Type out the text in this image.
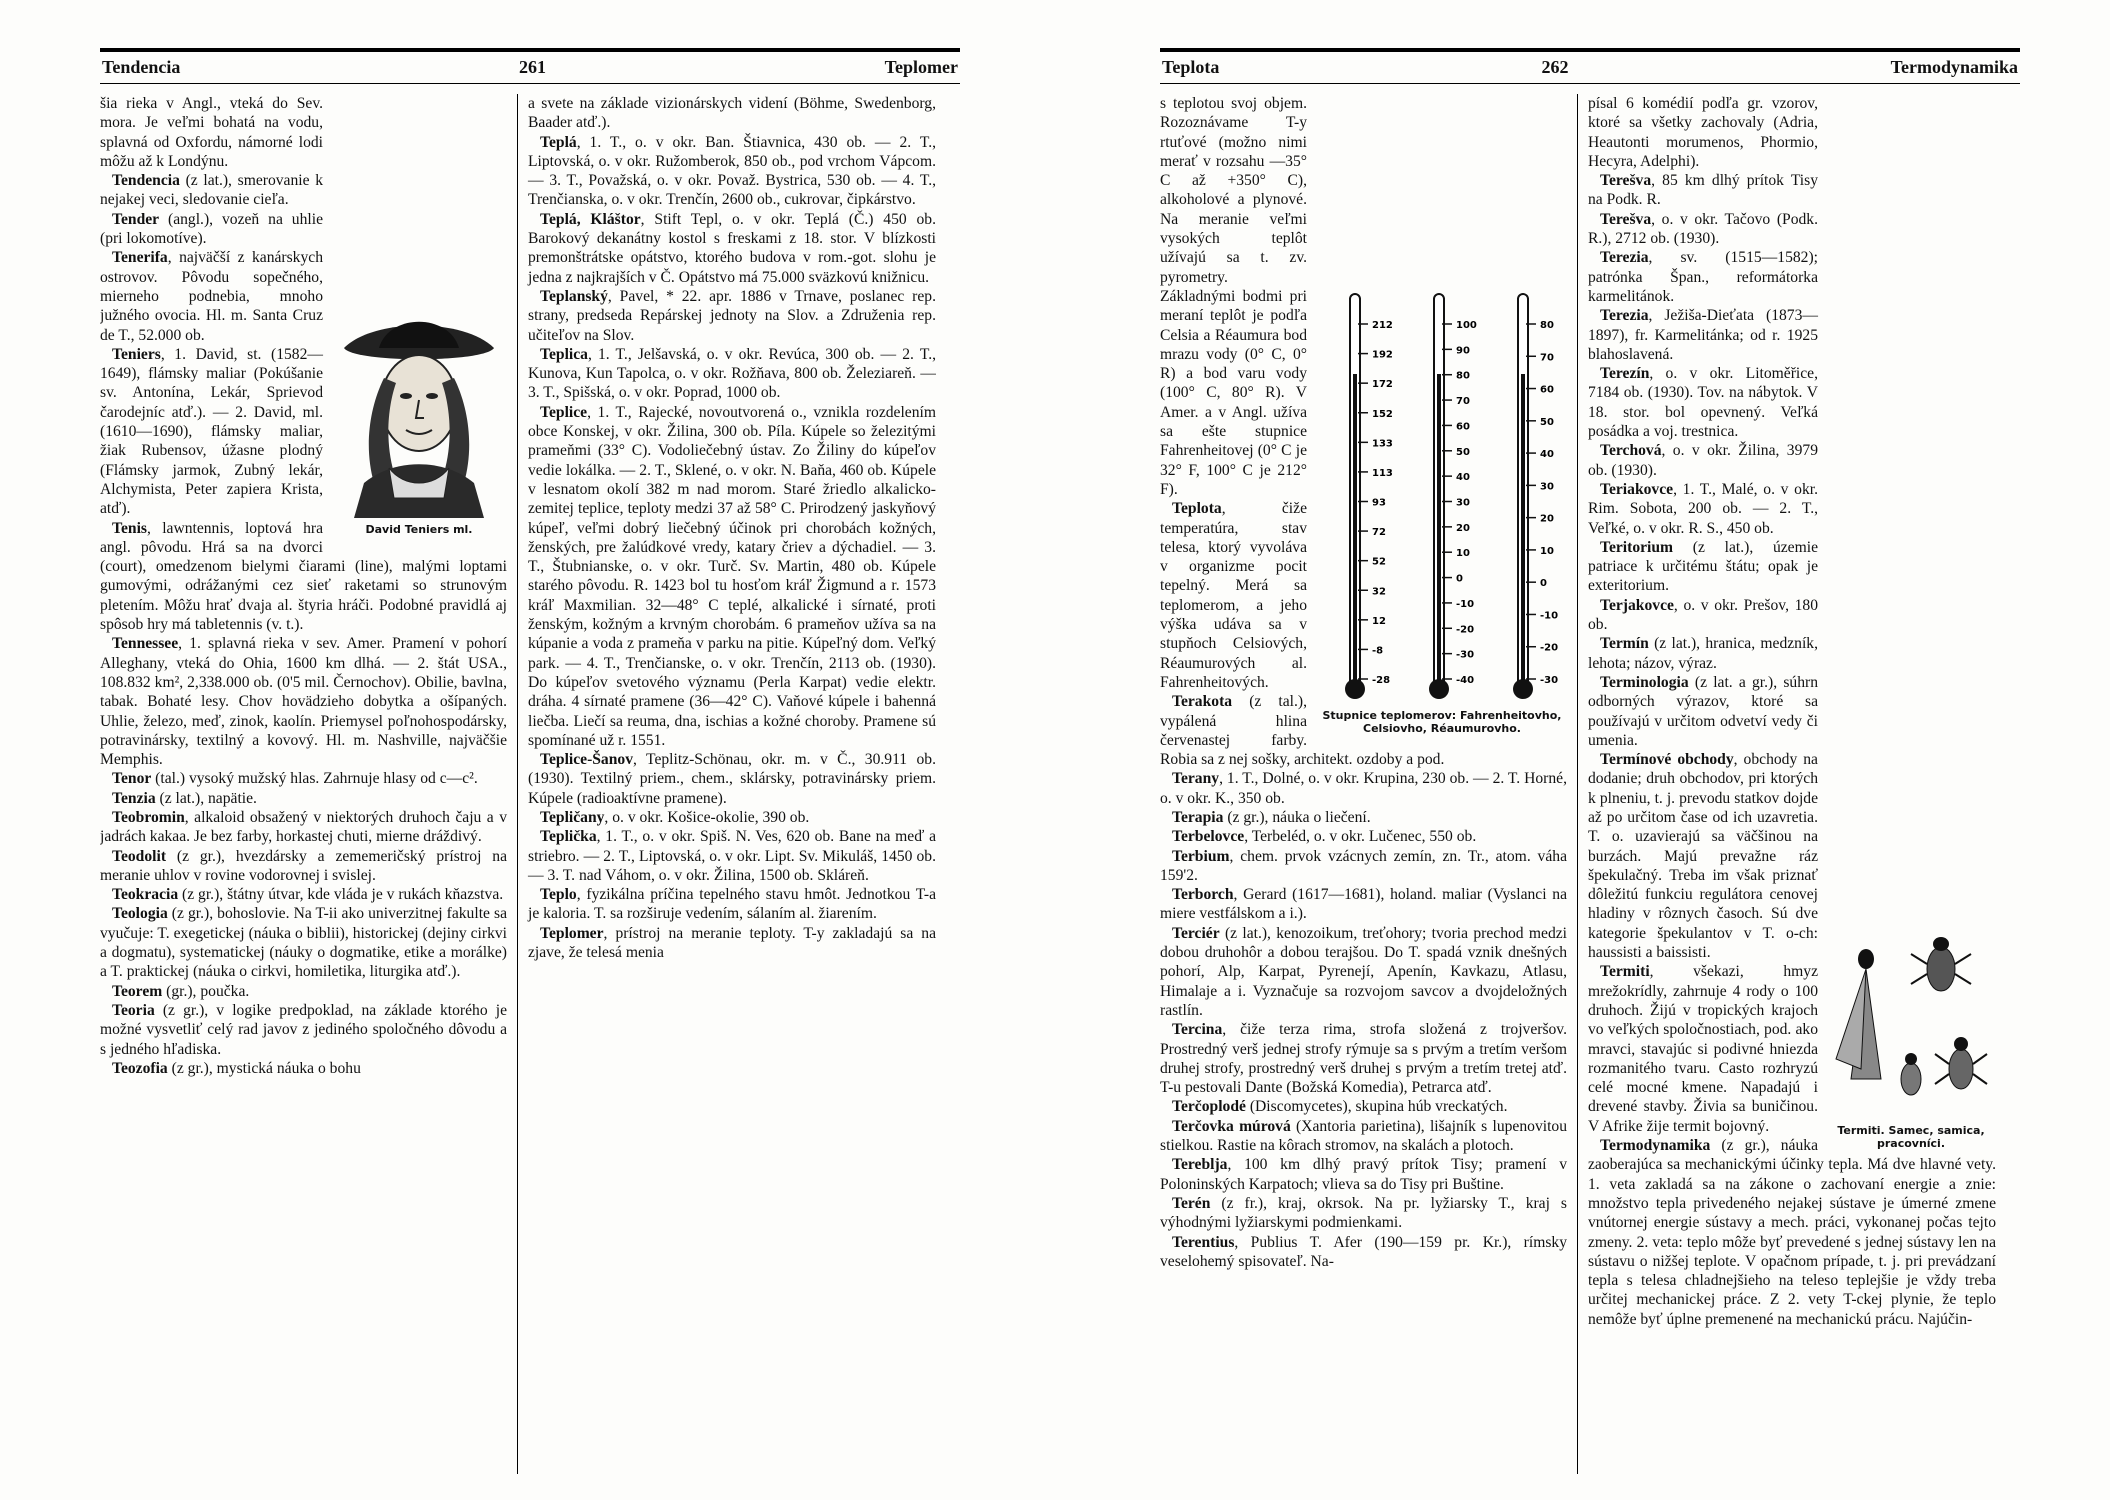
Tendencia	261	Teplomer
David Teniers ml.

šia rieka v Angl., vteká do Sev. mora. Je veľmi bohatá na vodu, splavná od Oxfordu, námorné lodi môžu až k Londýnu.

Tendencia (z lat.), smerovanie k nejakej veci, sledovanie cieľa.

Tender (angl.), vozeň na uhlie (pri lokomotíve).

Tenerifa, najväčší z kanárskych ostrovov. Pôvodu sopečného, mierneho podnebia, mnoho južného ovocia. Hl. m. Santa Cruz de T., 52.000 ob.

Teniers, 1. David, st. (1582—1649), flámsky maliar (Pokúšanie sv. Antonína, Lekár, Sprievod čarodejníc atď.). — 2. David, ml. (1610—1690), flámsky maliar, žiak Rubensov, úžasne plodný (Flámsky jarmok, Zubný lekár, Alchymista, Peter zapiera Krista, atď).

Tenis, lawntennis, loptová hra angl. pôvodu. Hrá sa na dvorci (court), omedzenom bielymi čiarami (line), malými loptami gumovými, odrážanými cez sieť raketami so strunovým pletením. Môžu hrať dvaja al. štyria hráči. Podobné pravidlá aj spôsob hry má tabletennis (v. t.).

Tennessee, 1. splavná rieka v sev. Amer. Pramení v pohorí Alleghany, vteká do Ohia, 1600 km dlhá. — 2. štát USA., 108.832 km², 2,338.000 ob. (0'5 mil. Černochov). Obilie, bavlna, tabak. Bohaté lesy. Chov hovädzieho dobytka a ošípaných. Uhlie, železo, meď, zinok, kaolín. Priemysel poľnohospodársky, potravinársky, textilný a kovový. Hl. m. Nashville, najväčšie Memphis.

Tenor (tal.) vysoký mužský hlas. Zahrnuje hlasy od c—c².

Tenzia (z lat.), napätie.

Teobromin, alkaloid obsažený v niektorých druhoch čaju a v jadrách kakaa. Je bez farby, horkastej chuti, mierne dráždivý.

Teodolit (z gr.), hvezdársky a zememeričský prístroj na meranie uhlov v rovine vodorovnej i svislej.

Teokracia (z gr.), štátny útvar, kde vláda je v rukách kňazstva.

Teologia (z gr.), bohoslovie. Na T-ii ako univerzitnej fakulte sa vyučuje: T. exegetickej (náuka o biblii), historickej (dejiny cirkvi a dogmatu), systematickej (náuky o dogmatike, etike a morálke) a T. praktickej (náuka o cirkvi, homiletika, liturgika atď.).

Teorem (gr.), poučka.

Teoria (z gr.), v logike predpoklad, na základe ktorého je možné vysvetliť celý rad javov z jediného spoločného dôvodu a s jedného hľadiska.

Teozofia (z gr.), mystická náuka o bohu

a svete na základe vizionárskych videní (Böhme, Swedenborg, Baader atď.).

Teplá, 1. T., o. v okr. Ban. Štiavnica, 430 ob. — 2. T., Liptovská, o. v okr. Ružomberok, 850 ob., pod vrchom Vápcom. — 3. T., Považská, o. v okr. Považ. Bystrica, 530 ob. — 4. T., Trenčianska, o. v okr. Trenčín, 2600 ob., cukrovar, čipkárstvo.

Teplá, Kláštor, Stift Tepl, o. v okr. Teplá (Č.) 450 ob. Barokový dekanátny kostol s freskami z 18. stor. V blízkosti premonštrátske opátstvo, ktorého budova v rom.-got. slohu je jedna z najkrajších v Č. Opátstvo má 75.000 sväzkovú knižnicu.

Teplanský, Pavel, * 22. apr. 1886 v Trnave, poslanec rep. strany, predseda Repárskej jednoty na Slov. a Združenia rep. učiteľov na Slov.

Teplica, 1. T., Jelšavská, o. v okr. Revúca, 300 ob. — 2. T., Kunova, Kun Tapolca, o. v okr. Rožňava, 800 ob. Železiareň. — 3. T., Spišská, o. v okr. Poprad, 1000 ob.

Teplice, 1. T., Rajecké, novoutvorená o., vznikla rozdelením obce Konskej, v okr. Žilina, 300 ob. Píla. Kúpele so železitými prameňmi (33° C). Vodoliečebný ústav. Zo Žiliny do kúpeľov vedie lokálka. — 2. T., Sklené, o. v okr. N. Baňa, 460 ob. Kúpele v lesnatom okolí 382 m nad morom. Staré žriedlo alkalicko-zemitej teplice, teploty medzi 37 až 58° C. Prirodzený jaskyňový kúpeľ, veľmi dobrý liečebný účinok pri chorobách kožných, ženských, pre žalúdkové vredy, katary čriev a dýchadiel. — 3. T., Štubnianske, o. v okr. Turč. Sv. Martin, 480 ob. Kúpele starého pôvodu. R. 1423 bol tu hosťom kráľ Žigmund a r. 1573 kráľ Maxmilian. 32—48° C teplé, alkalické i sírnaté, proti ženským, kožným a krvným chorobám. 6 prameňov užíva sa na kúpanie a voda z prameňa v parku na pitie. Kúpeľný dom. Veľký park. — 4. T., Trenčianske, o. v okr. Trenčín, 2113 ob. (1930). Do kúpeľov svetového významu (Perla Karpat) vedie elektr. dráha. 4 sírnaté pramene (36—42° C). Vaňové kúpele i bahenná liečba. Liečí sa reuma, dna, ischias a kožné choroby. Pramene sú spomínané už r. 1551.

Teplice-Šanov, Teplitz-Schönau, okr. m. v Č., 30.911 ob. (1930). Textilný priem., chem., sklársky, potravinársky priem. Kúpele (radioaktívne pramene).

Tepličany, o. v okr. Košice-okolie, 390 ob.

Teplička, 1. T., o. v okr. Spiš. N. Ves, 620 ob. Bane na meď a striebro. — 2. T., Liptovská, o. v okr. Lipt. Sv. Mikuláš, 1450 ob. — 3. T. nad Váhom, o. v okr. Žilina, 1500 ob. Skláreň.

Teplo, fyzikálna príčina tepelného stavu hmôt. Jednotkou T-a je kaloria. T. sa rozširuje vedením, sálaním al. žiarením.

Teplomer, prístroj na meranie teploty. T-y zakladajú sa na zjave, že telesá menia

Teplota	262	Termodynamika
212
192
172
152
133
113
93
72
52
32
12
-8
-28
100
90
80
70
60
50
40
30
20
10
0
-10
-20
-30
-40
80
70
60
50
40
30
20
10
0
-10
-20
-30
Stupnice teplomerov: Fahrenheitovho, Celsiovho, Réaumurovho.

s teplotou svoj objem. Rozoznávame T-y rtuťové (možno nimi merať v rozsahu —35° C až +350° C), alkoholové a plynové. Na meranie veľmi vysokých teplôt užívajú sa t. zv. pyrometry. Základnými bodmi pri meraní teplôt je podľa Celsia a Réaumura bod mrazu vody (0° C, 0° R) a bod varu vody (100° C, 80° R). V Amer. a v Angl. užíva sa ešte stupnice Fahrenheitovej (0° C je 32° F, 100° C je 212° F).

Teplota, čiže temperatúra, stav telesa, ktorý vyvoláva v organizme pocit tepelný. Merá sa teplomerom, a jeho výška udáva sa v stupňoch Celsiových, Réaumurových al. Fahrenheitových.

Terakota (z tal.), vypálená hlina červenastej farby. Robia sa z nej sošky, architekt. ozdoby a pod.

Terany, 1. T., Dolné, o. v okr. Krupina, 230 ob. — 2. T. Horné, o. v okr. K., 350 ob.

Terapia (z gr.), náuka o liečení.

Terbelovce, Terbeléd, o. v okr. Lučenec, 550 ob.

Terbium, chem. prvok vzácnych zemín, zn. Tr., atom. váha 159'2.

Terborch, Gerard (1617—1681), holand. maliar (Vyslanci na miere vestfálskom a i.).

Terciér (z lat.), kenozoikum, treťohory; tvoria prechod medzi dobou druhohôr a dobou terajšou. Do T. spadá vznik dnešných pohorí, Alp, Karpat, Pyrenejí, Apenín, Kavkazu, Atlasu, Himalaje a i. Vyznačuje sa rozvojom savcov a dvojdeložných rastlín.

Tercina, čiže terza rima, strofa složená z trojveršov. Prostredný verš jednej strofy rýmuje sa s prvým a tretím veršom druhej strofy, prostredný verš druhej s prvým a tretím tretej atď. T-u pestovali Dante (Božská Komedia), Petrarca atď.

Terčoplodé (Discomycetes), skupina húb vreckatých.

Terčovka múrová (Xantoria parietina), lišajník s lupenovitou stielkou. Rastie na kôrach stromov, na skalách a plotoch.

Tereblja, 100 km dlhý pravý prítok Tisy; pramení v Poloninských Karpatoch; vlieva sa do Tisy pri Buštine.

Terén (z fr.), kraj, okrsok. Na pr. lyžiarsky T., kraj s výhodnými lyžiarskymi podmienkami.

Terentius, Publius T. Afer (190—159 pr. Kr.), rímsky veselohemý spisovateľ. Na-

Termiti. Samec, samica, pracovníci.

písal 6 komédií podľa gr. vzorov, ktoré sa všetky zachovaly (Adria, Heautonti morumenos, Phormio, Hecyra, Adelphi).

Terešva, 85 km dlhý prítok Tisy na Podk. R.

Terešva, o. v okr. Tačovo (Podk. R.), 2712 ob. (1930).

Terezia, sv. (1515—1582); patrónka Špan., reformátorka karmelitánok.

Terezia, Ježiša-Dieťata (1873—1897), fr. Karmelitánka; od r. 1925 blahoslavená.

Terezín, o. v okr. Litoměřice, 7184 ob. (1930). Tov. na nábytok. V 18. stor. bol opevnený. Veľká posádka a voj. trestnica.

Terchová, o. v okr. Žilina, 3979 ob. (1930).

Teriakovce, 1. T., Malé, o. v okr. Rim. Sobota, 200 ob. — 2. T., Veľké, o. v okr. R. S., 450 ob.

Teritorium (z lat.), územie patriace k určitému štátu; opak je exteritorium.

Terjakovce, o. v okr. Prešov, 180 ob.

Termín (z lat.), hranica, medzník, lehota; názov, výraz.

Terminologia (z lat. a gr.), súhrn odborných výrazov, ktoré sa používajú v určitom odvetví vedy či umenia.

Termínové obchody, obchody na dodanie; druh obchodov, pri ktorých k plneniu, t. j. prevodu statkov dojde až po určitom čase od ich uzavretia. T. o. uzavierajú sa väčšinou na burzách. Majú prevažne ráz špekulačný. Treba im však priznať dôležitú funkciu regulátora cenovej hladiny v rôznych časoch. Sú dve kategorie špekulantov v T. o-ch: haussisti a baissisti.

Termiti, všekazi, hmyz mrežokrídly, zahrnuje 4 rody o 100 druhoch. Žijú v tropických krajoch vo veľkých spoločnostiach, pod. ako mravci, stavajúc si podivné hniezda rozmanitého tvaru. Casto rozhryzú celé mocné kmene. Napadajú i drevené stavby. Živia sa buničinou. V Afrike žije termit bojovný.

Termodynamika (z gr.), náuka zaoberajúca sa mechanickými účinky tepla. Má dve hlavné vety. 1. veta zakladá sa na zákone o zachovaní energie a znie: množstvo tepla privedeného nejakej sústave je úmerné zmene vnútornej energie sústavy a mech. práci, vykonanej počas tejto zmeny. 2. veta: teplo môže byť prevedené s jednej sústavy len na sústavu o nižšej teplote. V opačnom prípade, t. j. pri prevádzaní tepla s telesa chladnejšieho na teleso teplejšie je vždy treba určitej mechanickej práce. Z 2. vety T-ckej plynie, že teplo nemôže byť úplne premenené na mechanickú prácu. Najúčin-
